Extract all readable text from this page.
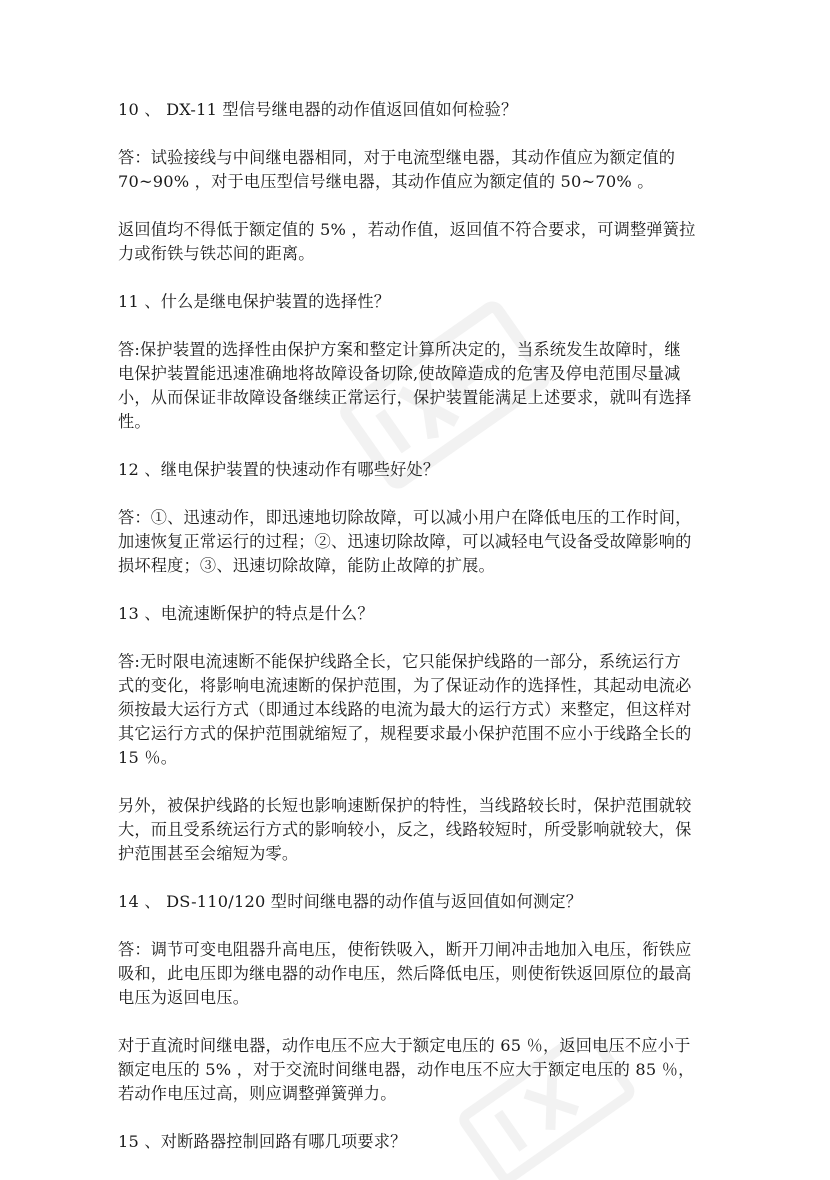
10 、 DX-11 型信号继电器的动作值返回值如何检验？

答：试验接线与中间继电器相同，对于电流型继电器，其动作值应为额定值的
70~90% ，对于电压型信号继电器，其动作值应为额定值的 50~70% 。

返回值均不得低于额定值的 5% ，若动作值，返回值不符合要求，可调整弹簧拉
力或衔铁与铁芯间的距离。

11 、什么是继电保护装置的选择性？

答:保护装置的选择性由保护方案和整定计算所决定的，当系统发生故障时，继
电保护装置能迅速准确地将故障设备切除,使故障造成的危害及停电范围尽量减
小，从而保证非故障设备继续正常运行，保护装置能满足上述要求，就叫有选择
性。

12 、继电保护装置的快速动作有哪些好处？

答：①、迅速动作，即迅速地切除故障，可以减小用户在降低电压的工作时间，
加速恢复正常运行的过程；②、迅速切除故障，可以减轻电气设备受故障影响的
损坏程度；③、迅速切除故障，能防止故障的扩展。

13 、电流速断保护的特点是什么？

答:无时限电流速断不能保护线路全长，它只能保护线路的一部分，系统运行方
式的变化，将影响电流速断的保护范围，为了保证动作的选择性，其起动电流必
须按最大运行方式（即通过本线路的电流为最大的运行方式）来整定，但这样对
其它运行方式的保护范围就缩短了，规程要求最小保护范围不应小于线路全长的
15 ％。

另外，被保护线路的长短也影响速断保护的特性，当线路较长时，保护范围就较
大，而且受系统运行方式的影响较小，反之，线路较短时，所受影响就较大，保
护范围甚至会缩短为零。

14 、 DS-110/120 型时间继电器的动作值与返回值如何测定？

答：调节可变电阻器升高电压，使衔铁吸入，断开刀闸冲击地加入电压，衔铁应
吸和，此电压即为继电器的动作电压，然后降低电压，则使衔铁返回原位的最高
电压为返回电压。

对于直流时间继电器，动作电压不应大于额定电压的 65 ％，返回电压不应小于
额定电压的 5% ，对于交流时间继电器，动作电压不应大于额定电压的 85 ％，
若动作电压过高，则应调整弹簧弹力。

15 、对断路器控制回路有哪几项要求？
